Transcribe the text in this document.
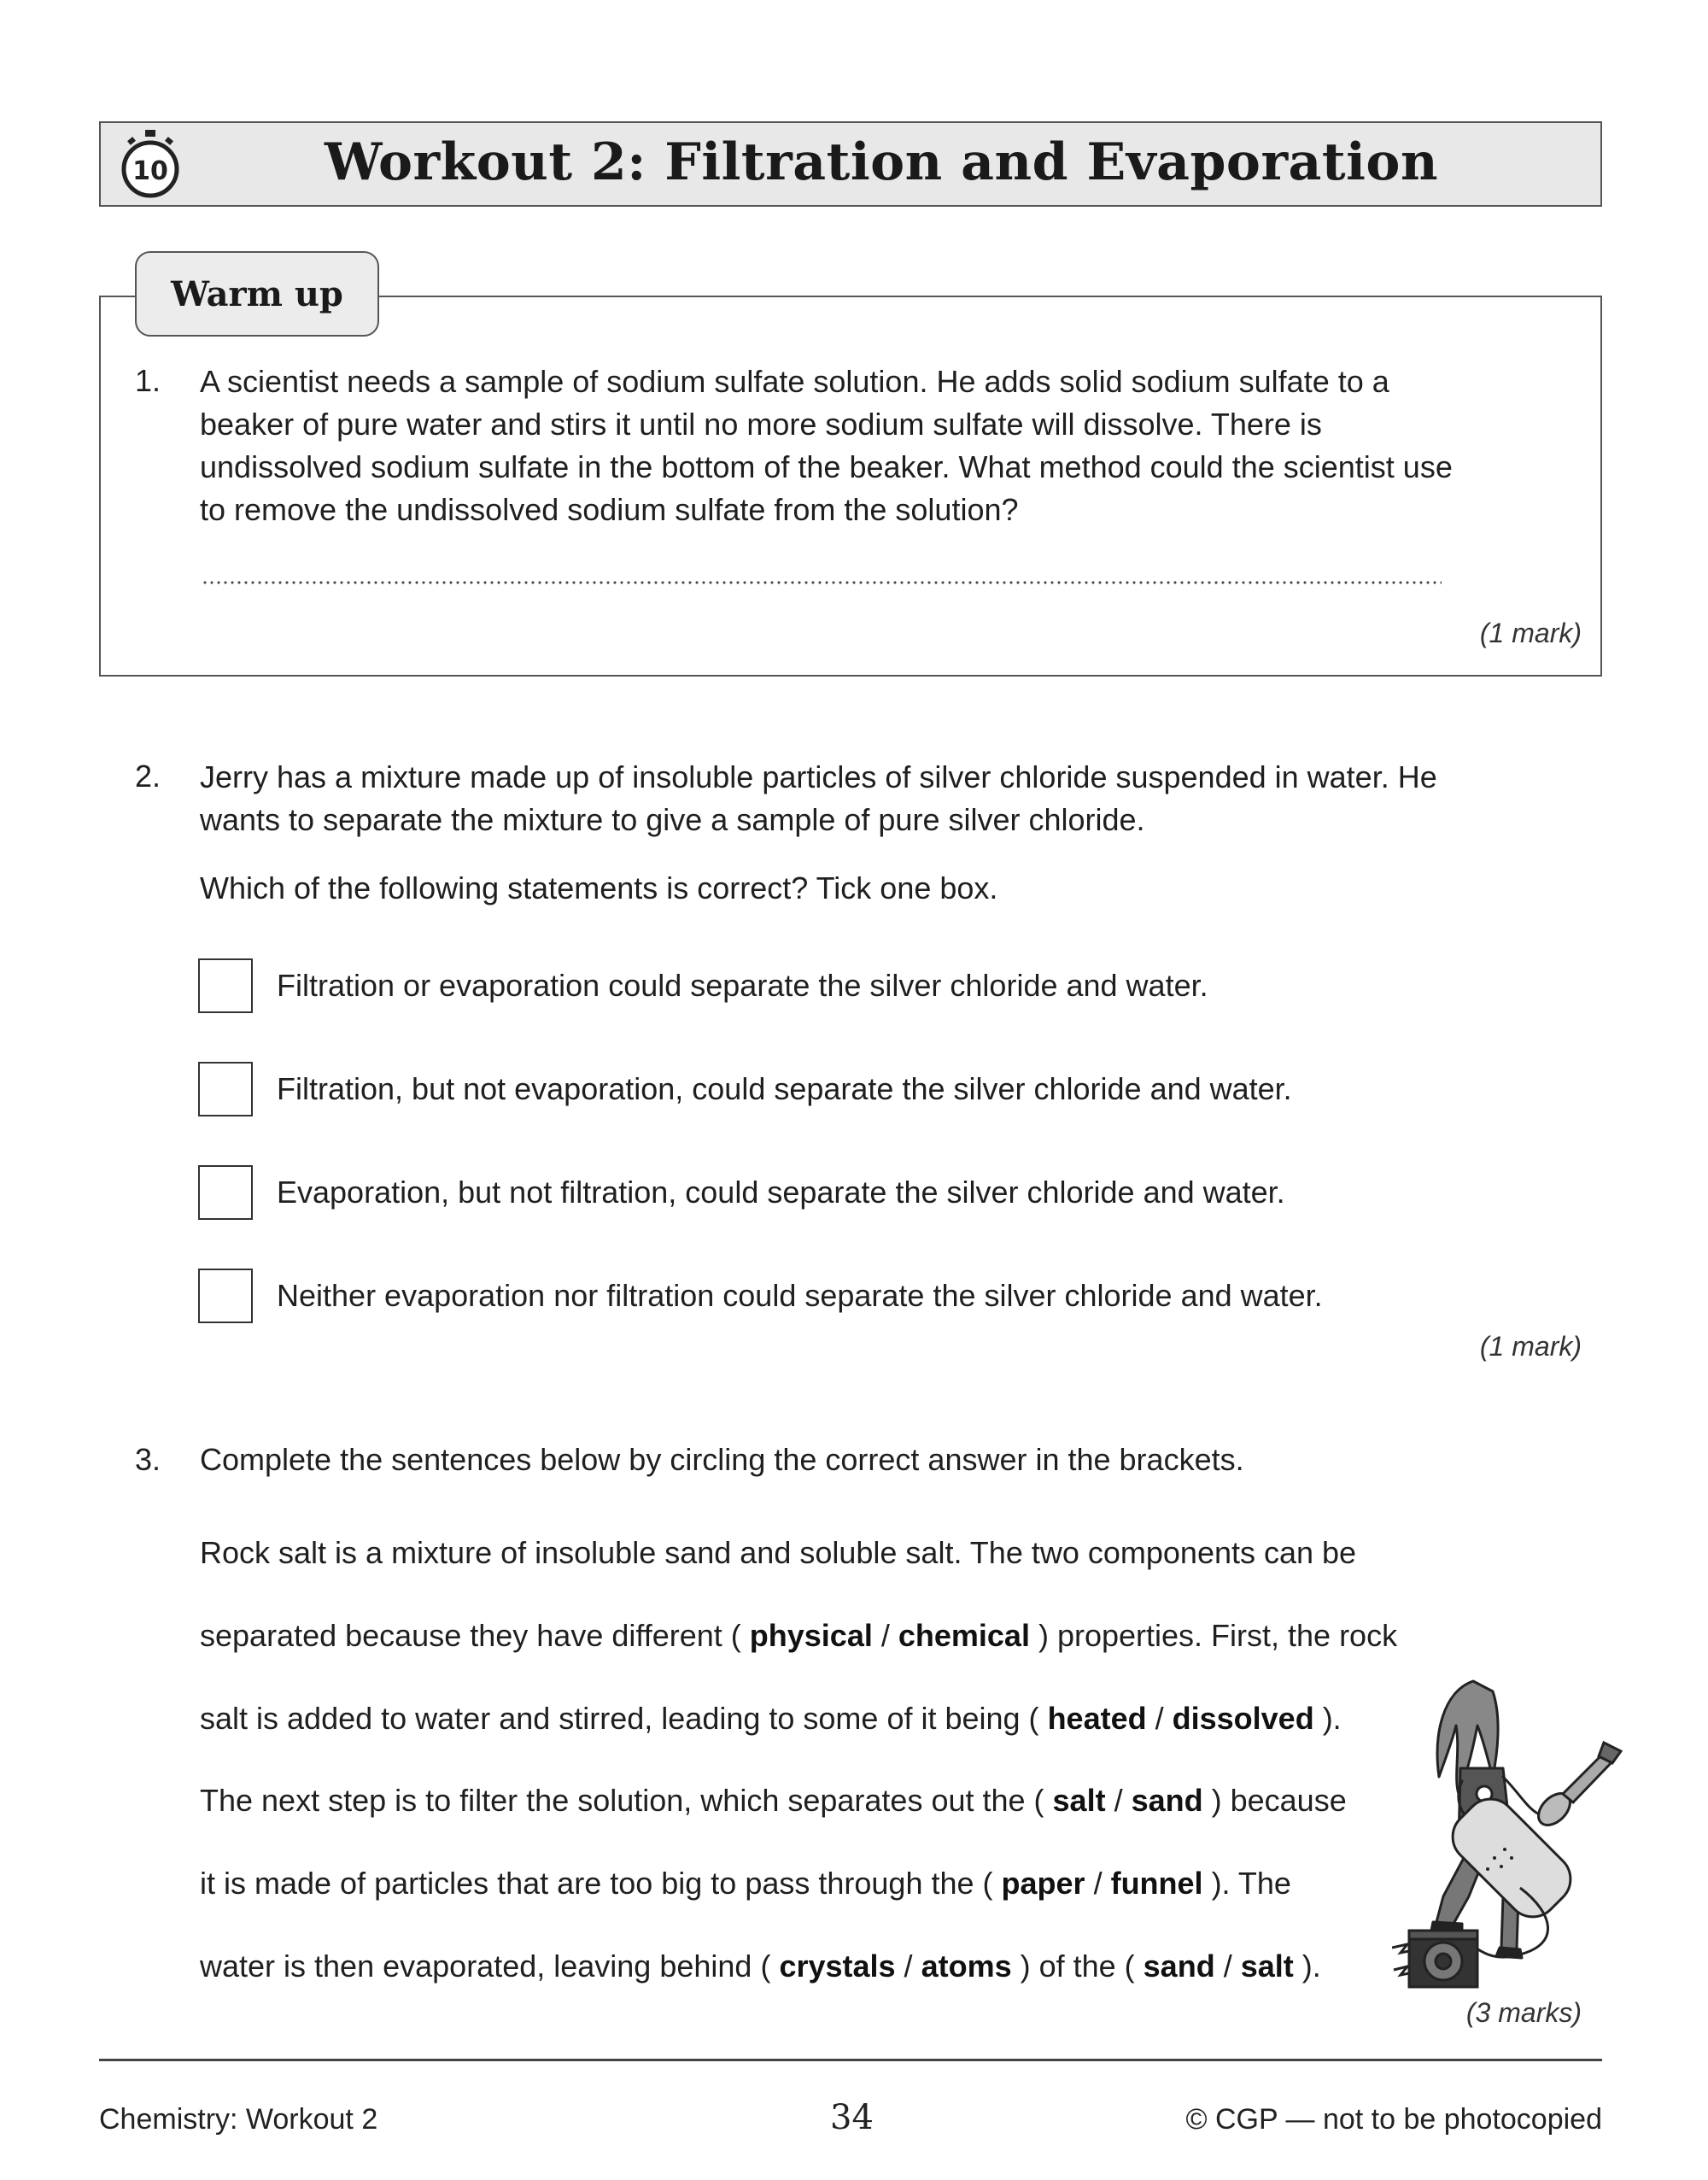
10	Workout 2: Filtration and Evaporation
Warm up
1. A scientist needs a sample of sodium sulfate solution. He adds solid sodium sulfate to a beaker of pure water and stirs it until no more sodium sulfate will dissolve. There is undissolved sodium sulfate in the bottom of the beaker. What method could the scientist use to remove the undissolved sodium sulfate from the solution?
(1 mark)
2. Jerry has a mixture made up of insoluble particles of silver chloride suspended in water. He wants to separate the mixture to give a sample of pure silver chloride.
Which of the following statements is correct? Tick one box.
Filtration or evaporation could separate the silver chloride and water.
Filtration, but not evaporation, could separate the silver chloride and water.
Evaporation, but not filtration, could separate the silver chloride and water.
Neither evaporation nor filtration could separate the silver chloride and water.
(1 mark)
3. Complete the sentences below by circling the correct answer in the brackets.
Rock salt is a mixture of insoluble sand and soluble salt. The two components can be
separated because they have different ( physical / chemical ) properties. First, the rock
salt is added to water and stirred, leading to some of it being ( heated / dissolved ).
The next step is to filter the solution, which separates out the ( salt / sand ) because
it is made of particles that are too big to pass through the ( paper / funnel ). The
water is then evaporated, leaving behind ( crystals / atoms ) of the ( sand / salt ).
(3 marks)
Chemistry: Workout 2	34	© CGP — not to be photocopied
